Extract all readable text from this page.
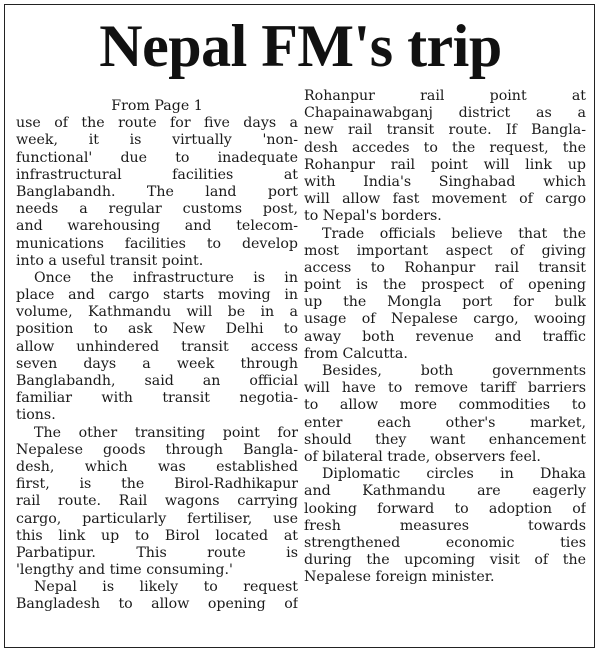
Nepal FM's trip
From Page 1
use of the route for five days a
week, it is virtually 'non-
functional' due to inadequate
infrastructural facilities at
Banglabandh. The land port
needs a regular customs post,
and warehousing and telecom-
munications facilities to develop
into a useful transit point.
Once the infrastructure is in
place and cargo starts moving in
volume, Kathmandu will be in a
position to ask New Delhi to
allow unhindered transit access
seven days a week through
Banglabandh, said an official
familiar with transit negotia-
tions.
The other transiting point for
Nepalese goods through Bangla-
desh, which was established
first, is the Birol-Radhikapur
rail route. Rail wagons carrying
cargo, particularly fertiliser, use
this link up to Birol located at
Parbatipur. This route is
'lengthy and time consuming.'
Nepal is likely to request
Bangladesh to allow opening of
Rohanpur rail point at
Chapainawabganj district as a
new rail transit route. If Bangla-
desh accedes to the request, the
Rohanpur rail point will link up
with India's Singhabad which
will allow fast movement of cargo
to Nepal's borders.
Trade officials believe that the
most important aspect of giving
access to Rohanpur rail transit
point is the prospect of opening
up the Mongla port for bulk
usage of Nepalese cargo, wooing
away both revenue and traffic
from Calcutta.
Besides, both governments
will have to remove tariff barriers
to allow more commodities to
enter each other's market,
should they want enhancement
of bilateral trade, observers feel.
Diplomatic circles in Dhaka
and Kathmandu are eagerly
looking forward to adoption of
fresh measures towards
strengthened economic ties
during the upcoming visit of the
Nepalese foreign minister.
